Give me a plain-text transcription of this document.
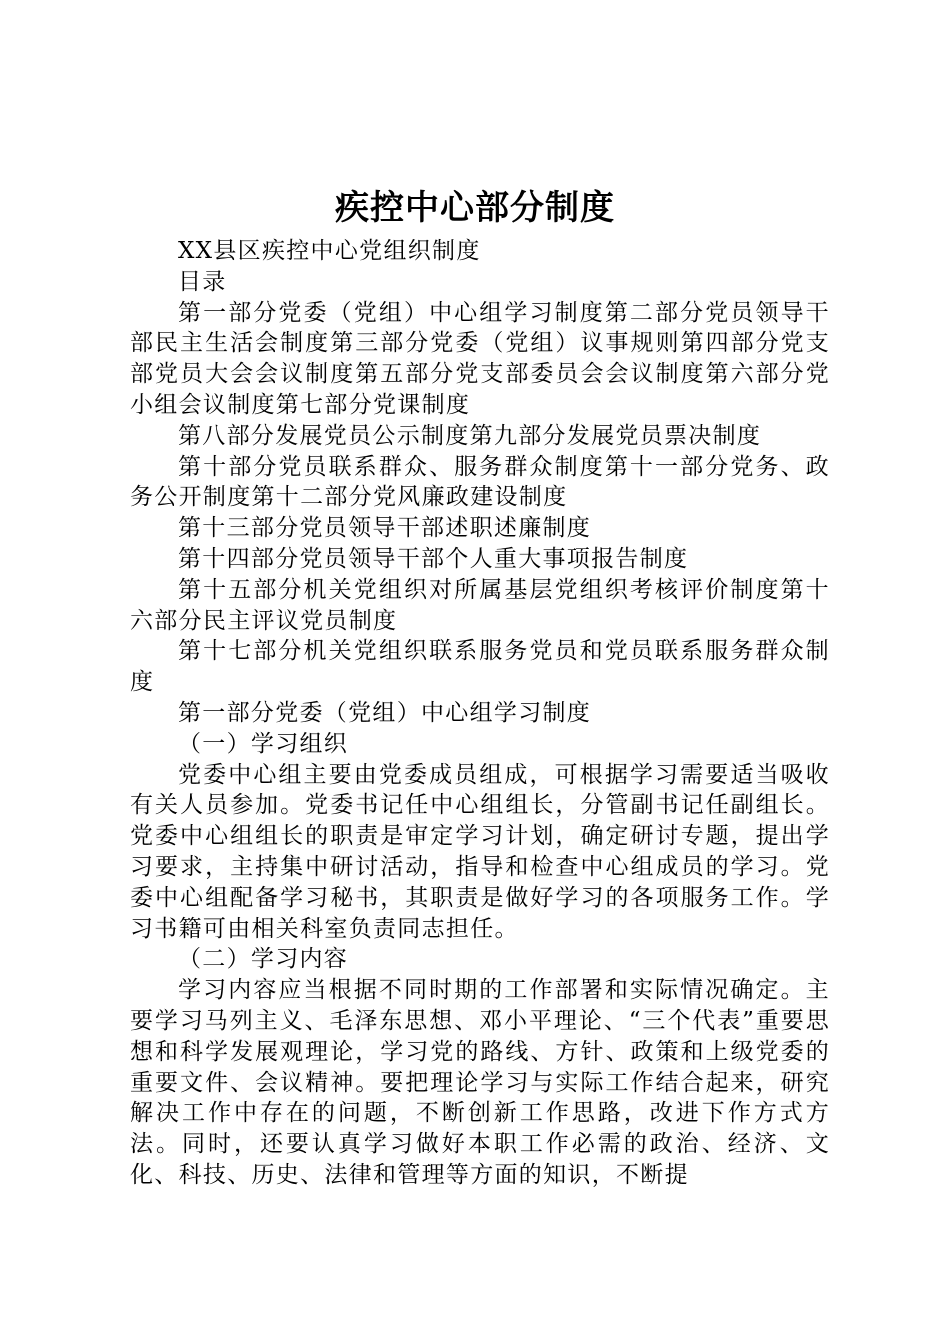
疾控中心部分制度

XX县区疾控中心党组织制度

目录

第一部分党委（党组）中心组学习制度第二部分党员领导干部民主生活会制度第三部分党委（党组）议事规则第四部分党支部党员大会会议制度第五部分党支部委员会会议制度第六部分党小组会议制度第七部分党课制度

第八部分发展党员公示制度第九部分发展党员票决制度

第十部分党员联系群众、服务群众制度第十一部分党务、政务公开制度第十二部分党风廉政建设制度

第十三部分党员领导干部述职述廉制度

第十四部分党员领导干部个人重大事项报告制度

第十五部分机关党组织对所属基层党组织考核评价制度第十六部分民主评议党员制度

第十七部分机关党组织联系服务党员和党员联系服务群众制度

第一部分党委（党组）中心组学习制度

（一）学习组织

党委中心组主要由党委成员组成，可根据学习需要适当吸收有关人员参加。党委书记任中心组组长，分管副书记任副组长。党委中心组组长的职责是审定学习计划，确定研讨专题，提出学习要求，主持集中研讨活动，指导和检查中心组成员的学习。党委中心组配备学习秘书，其职责是做好学习的各项服务工作。学习书籍可由相关科室负责同志担任。

（二）学习内容

学习内容应当根据不同时期的工作部署和实际情况确定。主要学习马列主义、毛泽东思想、邓小平理论、“三个代表”重要思想和科学发展观理论，学习党的路线、方针、政策和上级党委的重要文件、会议精神。要把理论学习与实际工作结合起来，研究解决工作中存在的问题，不断创新工作思路，改进下作方式方法。同时，还要认真学习做好本职工作必需的政治、经济、文化、科技、历史、法律和管理等方面的知识，不断提
